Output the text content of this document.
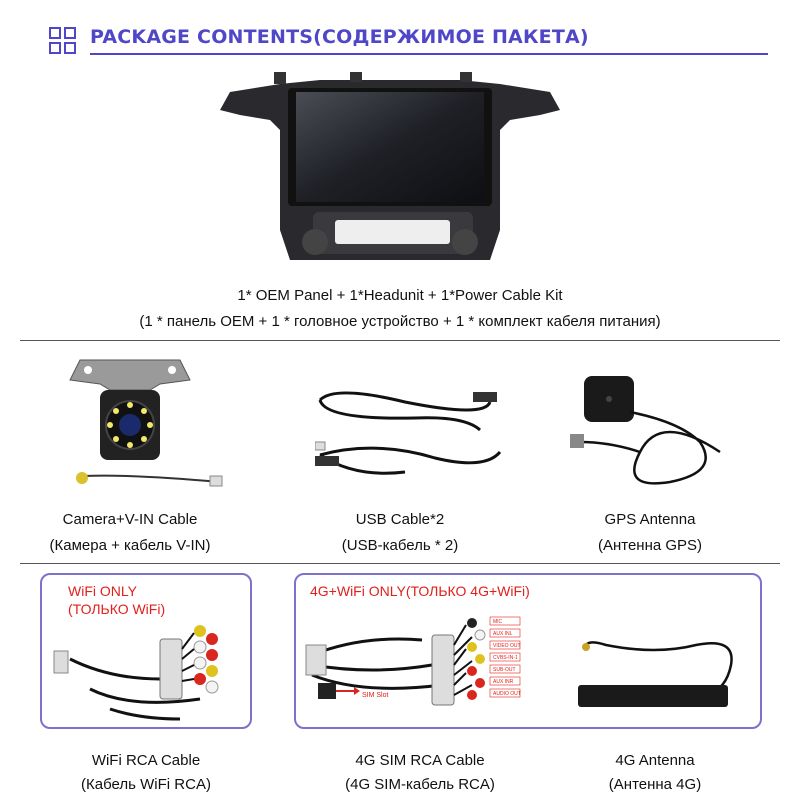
PACKAGE CONTENTS(СОДЕРЖИМОЕ ПАКЕТА)
1* OEM Panel + 1*Headunit + 1*Power Cable Kit
(1 * панель OEM + 1 * головное устройство + 1 * комплект кабеля питания)
Camera+V-IN Cable
(Камера + кабель V-IN)
USB Cable*2
(USB-кабель * 2)
GPS Antenna
(Антенна GPS)
WiFi ONLY
(ТОЛЬКО WiFi)
4G+WiFi ONLY(ТОЛЬКО 4G+WiFi)
MIC
AUX INL
VIDEO OUT
CVBS-IN-1
SUB-OUT
AUX INR
AUDIO OUT
SIM Slot
WiFi RCA Cable
(Кабель WiFi RCA)
4G SIM RCA Cable
(4G SIM-кабель RCA)
4G Antenna
(Антенна 4G)
